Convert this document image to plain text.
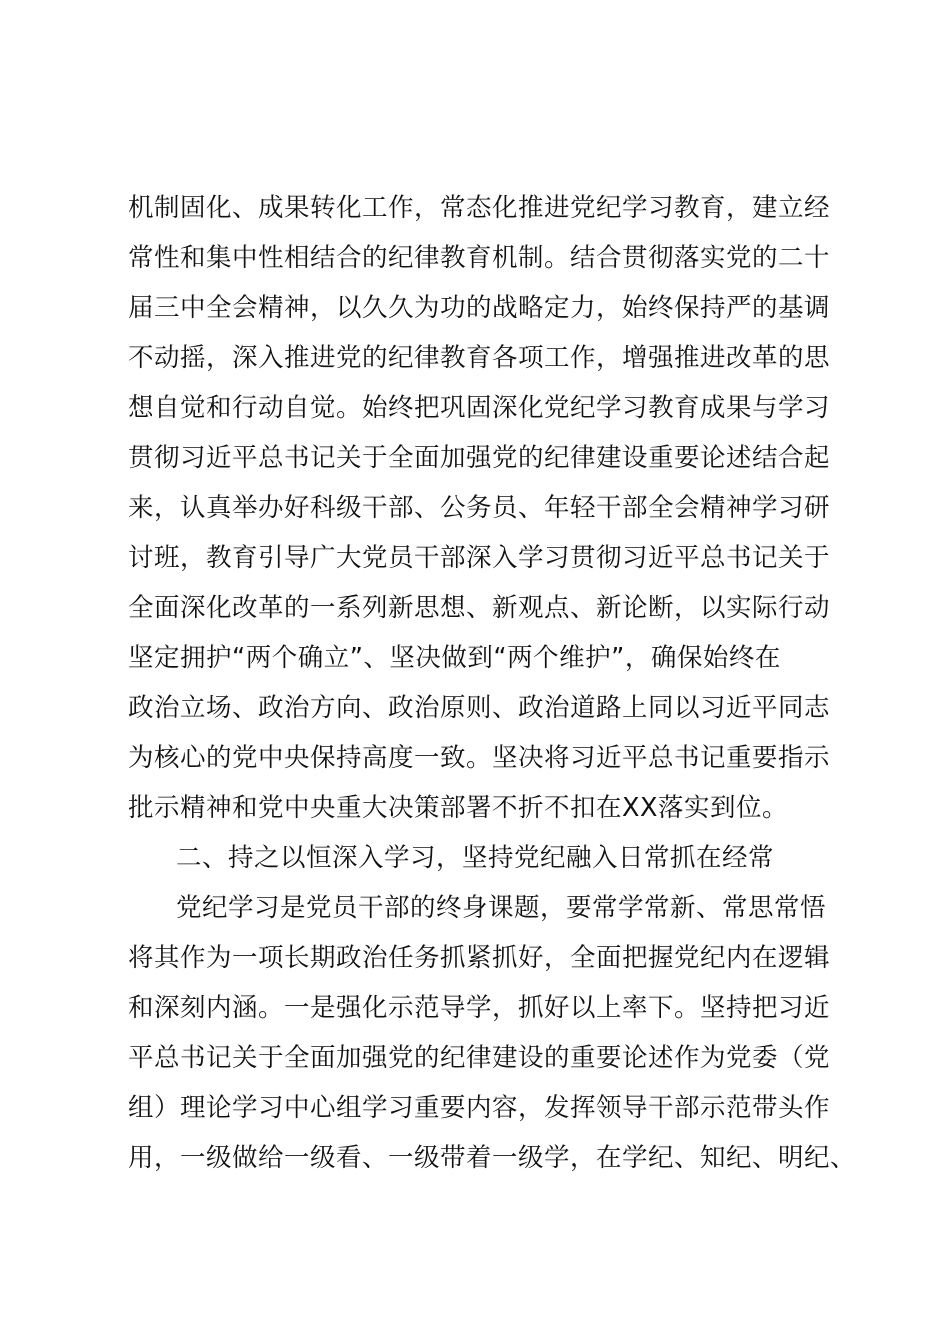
机制固化、成果转化工作，常态化推进党纪学习教育，建立经
常性和集中性相结合的纪律教育机制。结合贯彻落实党的二十
届三中全会精神，以久久为功的战略定力，始终保持严的基调
不动摇，深入推进党的纪律教育各项工作，增强推进改革的思
想自觉和行动自觉。始终把巩固深化党纪学习教育成果与学习
贯彻习近平总书记关于全面加强党的纪律建设重要论述结合起
来，认真举办好科级干部、公务员、年轻干部全会精神学习研
讨班，教育引导广大党员干部深入学习贯彻习近平总书记关于
全面深化改革的一系列新思想、新观点、新论断，以实际行动
坚定拥护“两个确立”、坚决做到“两个维护”，确保始终在
政治立场、政治方向、政治原则、政治道路上同以习近平同志
为核心的党中央保持高度一致。坚决将习近平总书记重要指示
批示精神和党中央重大决策部署不折不扣在XX落实到位。
二、持之以恒深入学习，坚持党纪融入日常抓在经常
党纪学习是党员干部的终身课题，要常学常新、常思常悟
将其作为一项长期政治任务抓紧抓好，全面把握党纪内在逻辑
和深刻内涵。一是强化示范导学，抓好以上率下。坚持把习近
平总书记关于全面加强党的纪律建设的重要论述作为党委（党
组）理论学习中心组学习重要内容，发挥领导干部示范带头作
用，一级做给一级看、一级带着一级学，在学纪、知纪、明纪、
